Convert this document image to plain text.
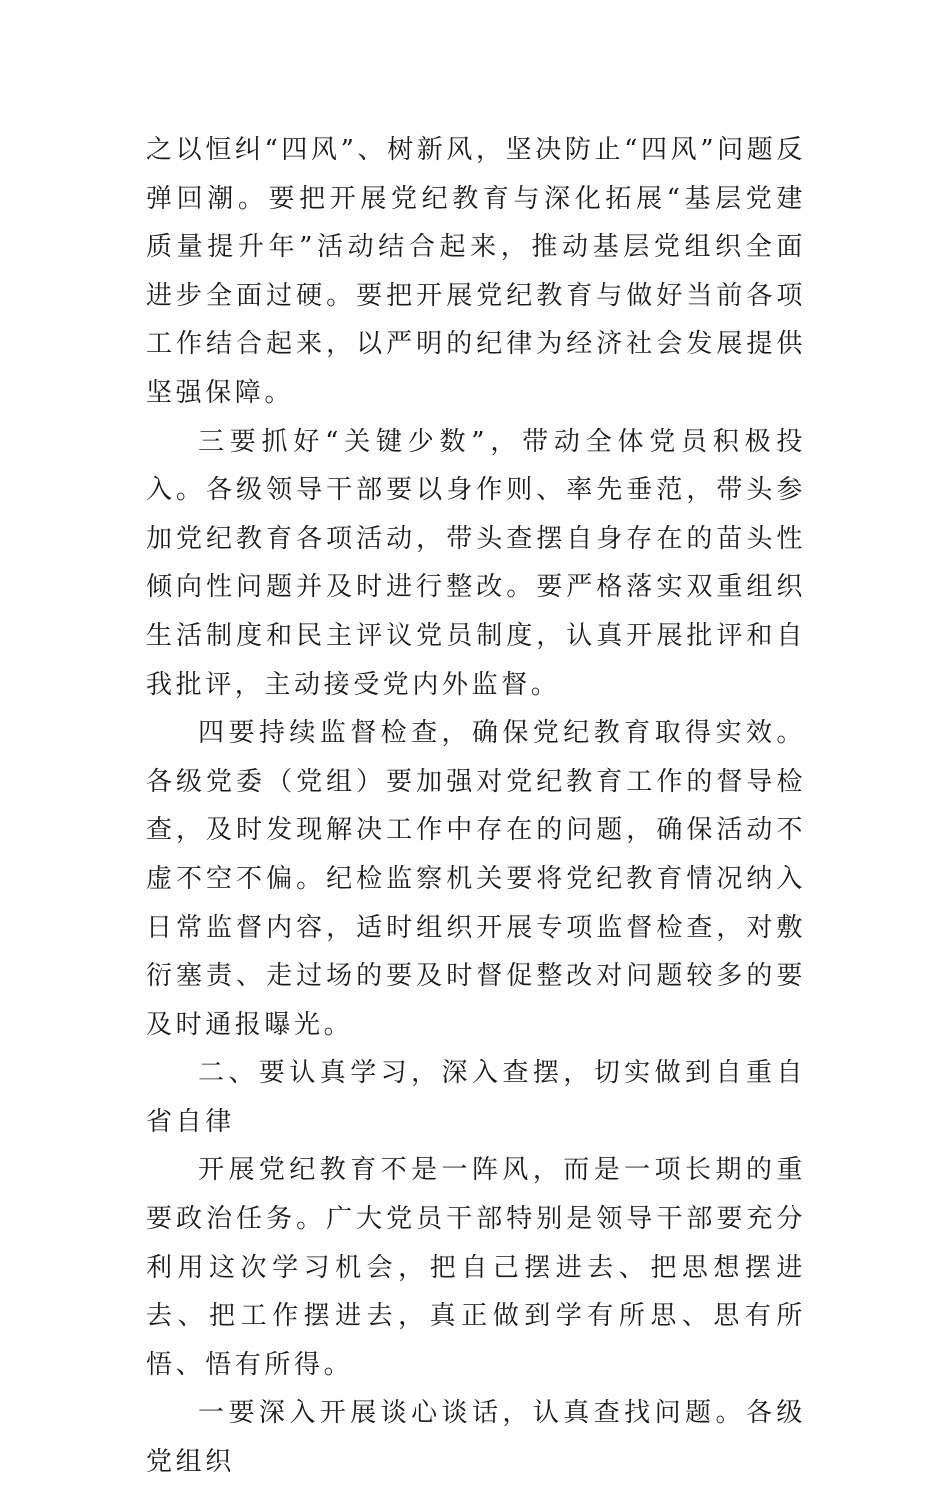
之以恒纠“四风”、树新风，坚决防止“四风”问题反弹回潮。要把开展党纪教育与深化拓展“基层党建质量提升年”活动结合起来，推动基层党组织全面进步全面过硬。要把开展党纪教育与做好当前各项工作结合起来，以严明的纪律为经济社会发展提供坚强保障。

三要抓好“关键少数”，带动全体党员积极投入。各级领导干部要以身作则、率先垂范，带头参加党纪教育各项活动，带头查摆自身存在的苗头性倾向性问题并及时进行整改。要严格落实双重组织生活制度和民主评议党员制度，认真开展批评和自我批评，主动接受党内外监督。

四要持续监督检查，确保党纪教育取得实效。各级党委（党组）要加强对党纪教育工作的督导检查，及时发现解决工作中存在的问题，确保活动不虚不空不偏。纪检监察机关要将党纪教育情况纳入日常监督内容，适时组织开展专项监督检查，对敷衍塞责、走过场的要及时督促整改对问题较多的要及时通报曝光。

二、要认真学习，深入查摆，切实做到自重自省自律

开展党纪教育不是一阵风，而是一项长期的重要政治任务。广大党员干部特别是领导干部要充分利用这次学习机会，把自己摆进去、把思想摆进去、把工作摆进去，真正做到学有所思、思有所悟、悟有所得。

一要深入开展谈心谈话，认真查找问题。各级党组织
